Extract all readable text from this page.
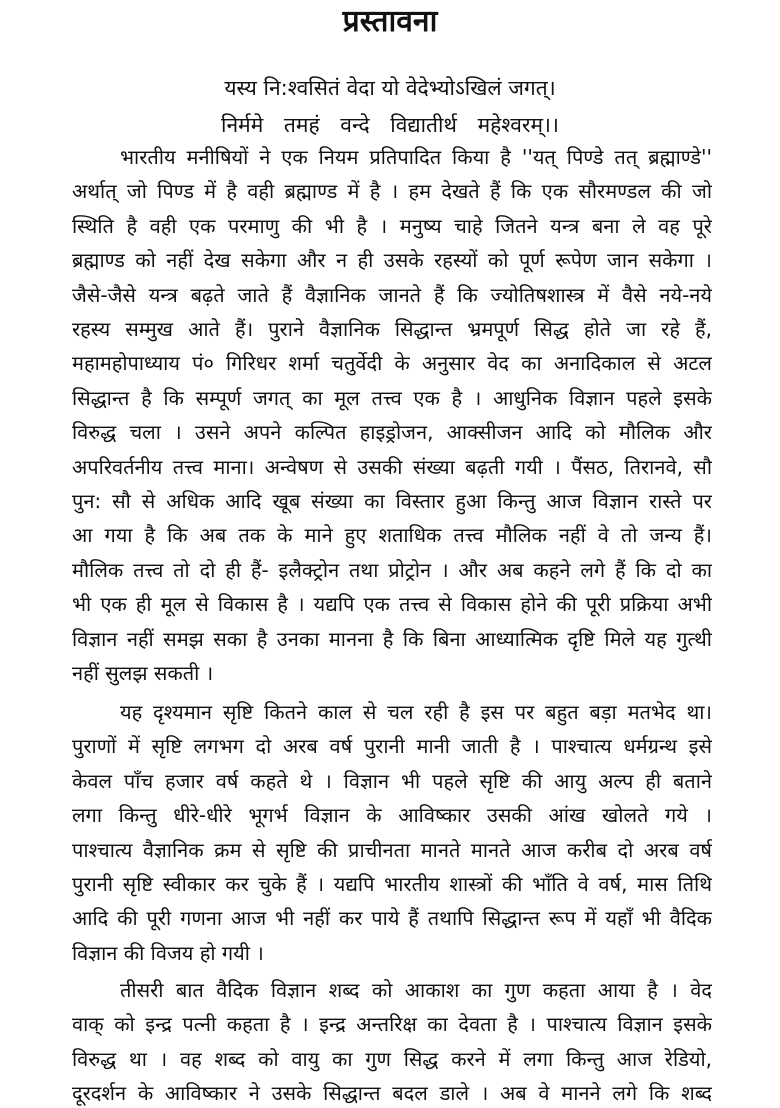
प्रस्तावना
यस्य नि:श्वसितं वेदा यो वेदेभ्योऽखिलं जगत्।
निर्ममे तमहं वन्दे विद्यातीर्थ महेश्वरम्।।
भारतीय मनीषियों ने एक नियम प्रतिपादित किया है ''यत् पिण्डे तत् ब्रह्माण्डे''
अर्थात् जो पिण्ड में है वही ब्रह्माण्ड में है । हम देखते हैं कि एक सौरमण्डल की जो
स्थिति है वही एक परमाणु की भी है । मनुष्य चाहे जितने यन्त्र बना ले वह पूरे
ब्रह्माण्ड को नहीं देख सकेगा और न ही उसके रहस्यों को पूर्ण रूपेण जान सकेगा ।
जैसे-जैसे यन्त्र बढ़ते जाते हैं वैज्ञानिक जानते हैं कि ज्योतिषशास्त्र में वैसे नये-नये
रहस्य सम्मुख आते हैं। पुराने वैज्ञानिक सिद्धान्त भ्रमपूर्ण सिद्ध होते जा रहे हैं,
महामहोपाध्याय पं० गिरिधर शर्मा चतुर्वेदी के अनुसार वेद का अनादिकाल से अटल
सिद्धान्त है कि सम्पूर्ण जगत् का मूल तत्त्व एक है । आधुनिक विज्ञान पहले इसके
विरुद्ध चला । उसने अपने कल्पित हाइड्रोजन, आक्सीजन आदि को मौलिक और
अपरिवर्तनीय तत्त्व माना। अन्वेषण से उसकी संख्या बढ़ती गयी । पैंसठ, तिरानवे, सौ
पुन: सौ से अधिक आदि खूब संख्या का विस्तार हुआ किन्तु आज विज्ञान रास्ते पर
आ गया है कि अब तक के माने हुए शताधिक तत्त्व मौलिक नहीं वे तो जन्य हैं।
मौलिक तत्त्व तो दो ही हैं- इलैक्ट्रोन तथा प्रोट्रोन । और अब कहने लगे हैं कि दो का
भी एक ही मूल से विकास है । यद्यपि एक तत्त्व से विकास होने की पूरी प्रक्रिया अभी
विज्ञान नहीं समझ सका है उनका मानना है कि बिना आध्यात्मिक दृष्टि मिले यह गुत्थी
नहीं सुलझ सकती ।
यह दृश्यमान सृष्टि कितने काल से चल रही है इस पर बहुत बड़ा मतभेद था।
पुराणों में सृष्टि लगभग दो अरब वर्ष पुरानी मानी जाती है । पाश्चात्य धर्मग्रन्थ इसे
केवल पाँच हजार वर्ष कहते थे । विज्ञान भी पहले सृष्टि की आयु अल्प ही बताने
लगा किन्तु धीरे-धीरे भूगर्भ विज्ञान के आविष्कार उसकी आंख खोलते गये ।
पाश्चात्य वैज्ञानिक क्रम से सृष्टि की प्राचीनता मानते मानते आज करीब दो अरब वर्ष
पुरानी सृष्टि स्वीकार कर चुके हैं । यद्यपि भारतीय शास्त्रों की भाँति वे वर्ष, मास तिथि
आदि की पूरी गणना आज भी नहीं कर पाये हैं तथापि सिद्धान्त रूप में यहाँ भी वैदिक
विज्ञान की विजय हो गयी ।
तीसरी बात वैदिक विज्ञान शब्द को आकाश का गुण कहता आया है । वेद
वाक् को इन्द्र पत्नी कहता है । इन्द्र अन्तरिक्ष का देवता है । पाश्चात्य विज्ञान इसके
विरुद्ध था । वह शब्द को वायु का गुण सिद्ध करने में लगा किन्तु आज रेडियो,
दूरदर्शन के आविष्कार ने उसके सिद्धान्त बदल डाले । अब वे मानने लगे कि शब्द
